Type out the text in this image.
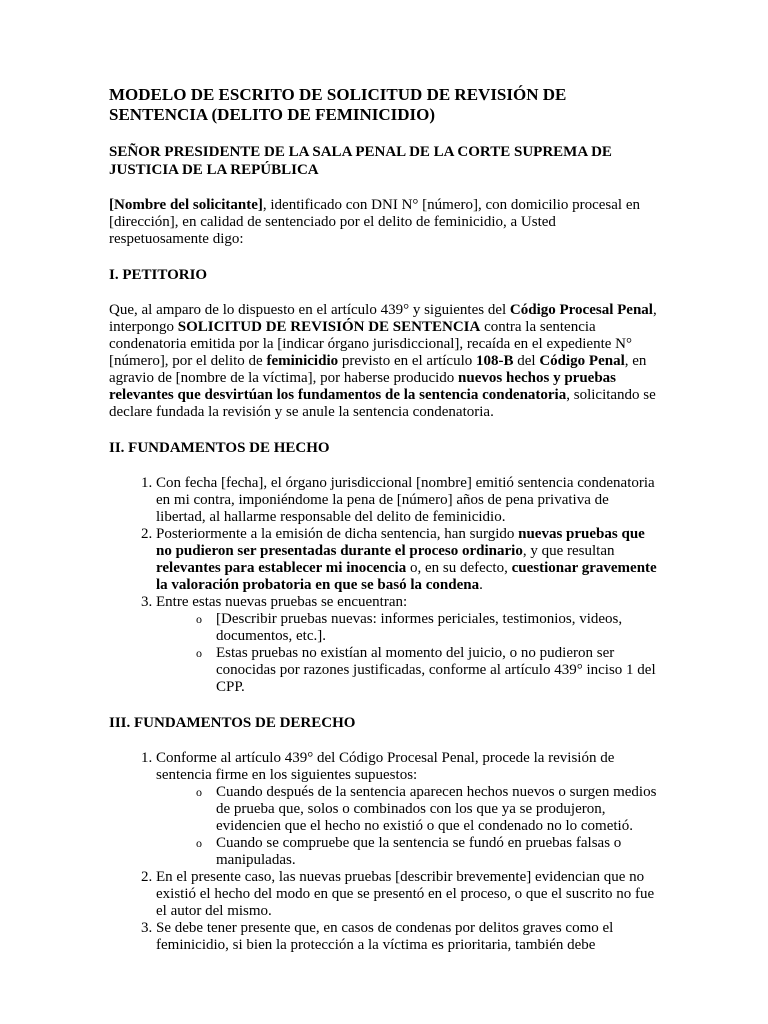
MODELO DE ESCRITO DE SOLICITUD DE REVISIÓN DE SENTENCIA (DELITO DE FEMINICIDIO)
SEÑOR PRESIDENTE DE LA SALA PENAL DE LA CORTE SUPREMA DE JUSTICIA DE LA REPÚBLICA

[Nombre del solicitante], identificado con DNI N° [número], con domicilio procesal en [dirección], en calidad de sentenciado por el delito de feminicidio, a Usted respetuosamente digo:

I. PETITORIO

Que, al amparo de lo dispuesto en el artículo 439° y siguientes del Código Procesal Penal, interpongo SOLICITUD DE REVISIÓN DE SENTENCIA contra la sentencia condenatoria emitida por la [indicar órgano jurisdiccional], recaída en el expediente N° [número], por el delito de feminicidio previsto en el artículo 108-B del Código Penal, en agravio de [nombre de la víctima], por haberse producido nuevos hechos y pruebas relevantes que desvirtúan los fundamentos de la sentencia condenatoria, solicitando se declare fundada la revisión y se anule la sentencia condenatoria.

II. FUNDAMENTOS DE HECHO
1. Con fecha [fecha], el órgano jurisdiccional [nombre] emitió sentencia condenatoria en mi contra, imponiéndome la pena de [número] años de pena privativa de libertad, al hallarme responsable del delito de feminicidio.
2. Posteriormente a la emisión de dicha sentencia, han surgido nuevas pruebas que no pudieron ser presentadas durante el proceso ordinario, y que resultan relevantes para establecer mi inocencia o, en su defecto, cuestionar gravemente la valoración probatoria en que se basó la condena.
3. Entre estas nuevas pruebas se encuentran:
o [Describir pruebas nuevas: informes periciales, testimonios, videos, documentos, etc.].
o Estas pruebas no existían al momento del juicio, o no pudieron ser conocidas por razones justificadas, conforme al artículo 439° inciso 1 del CPP.
III. FUNDAMENTOS DE DERECHO
1. Conforme al artículo 439° del Código Procesal Penal, procede la revisión de sentencia firme en los siguientes supuestos:
o Cuando después de la sentencia aparecen hechos nuevos o surgen medios de prueba que, solos o combinados con los que ya se produjeron, evidencien que el hecho no existió o que el condenado no lo cometió.
o Cuando se compruebe que la sentencia se fundó en pruebas falsas o manipuladas.
2. En el presente caso, las nuevas pruebas [describir brevemente] evidencian que no existió el hecho del modo en que se presentó en el proceso, o que el suscrito no fue el autor del mismo.
3. Se debe tener presente que, en casos de condenas por delitos graves como el feminicidio, si bien la protección a la víctima es prioritaria, también debe
